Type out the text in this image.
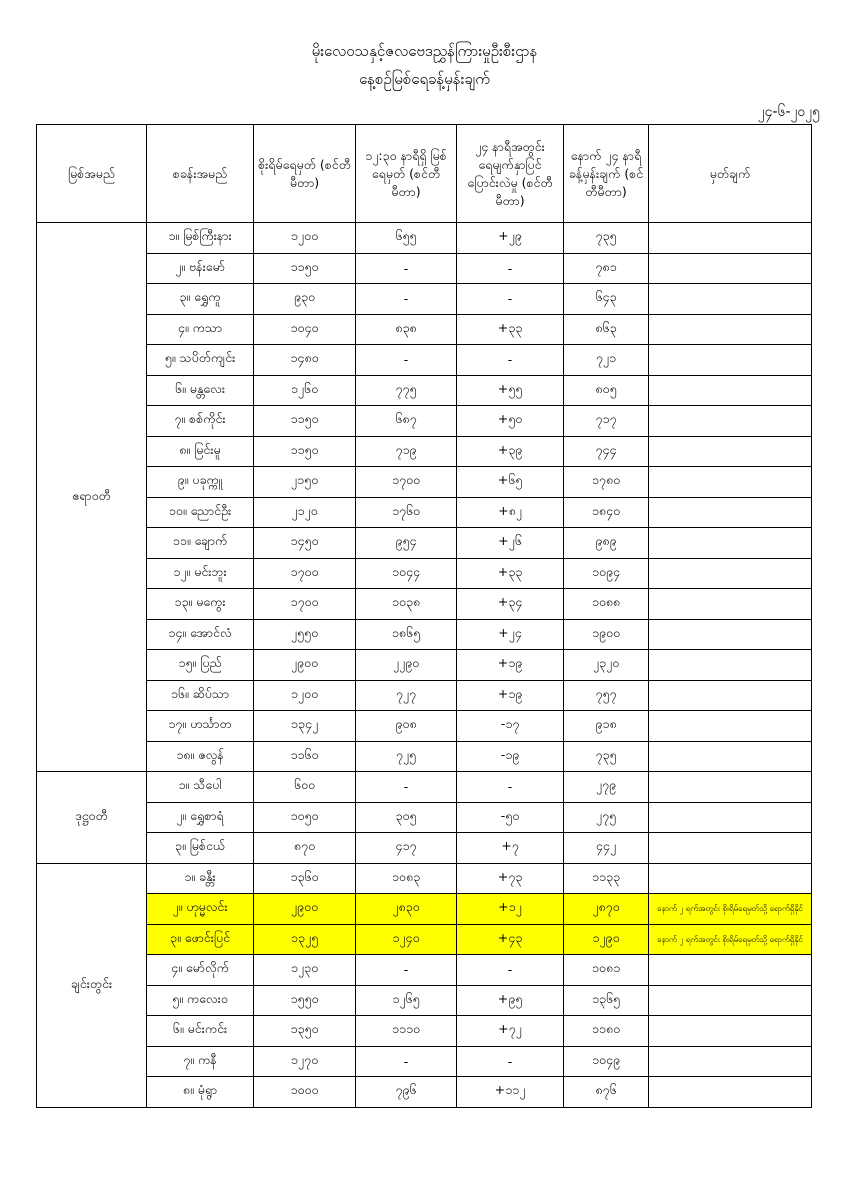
မိုးလေဝသနှင့်ဇလဗေဒညွှန်ကြားမှုဦးစီးဌာန
နေ့စဉ်မြစ်ရေခန့်မှန်းချက်
၂၄-၆-၂၀၂၅
မြစ်အမည်	စခန်းအမည်	စိုးရိမ်ရေမှတ် (စင်တီမီတာ)	၁၂:၃၀ နာရီရှိ မြစ်ရေမှတ် (စင်တီမီတာ)	၂၄ နာရီအတွင်း ရေမျက်နှာပြင် ပြောင်းလဲမှု (စင်တီမီတာ)	နောက် ၂၄ နာရီ ခန့်မှန်းချက် (စင်တီမီတာ)	မှတ်ချက်
ဧရာဝတီ	၁။ မြစ်ကြီးနား	၁၂၀၀	၆၅၅	+၂၉	၇၃၅	
	၂။ ဗန်းမော်	၁၁၅၀	-	-	၇၈၁	
	၃။ ရွှေကူ	၉၃၀	-	-	၆၄၃	
	၄။ ကသာ	၁၀၄၀	၈၃၈	+၃၃	၈၆၃	
	၅။ သပိတ်ကျင်း	၁၄၈၀	-	-	၇၂၁	
	၆။ မန္တလေး	၁၂၆၀	၇၇၅	+၅၅	၈၀၅	
	၇။ စစ်ကိုင်း	၁၁၅၀	၆၈၇	+၅၀	၇၁၇	
	၈။ မြင်းမူ	၁၁၅၀	၇၁၉	+၃၉	၇၄၄	
	၉။ ပခုက္ကူ	၂၁၅၀	၁၇၀၀	+၆၅	၁၇၈၀	
	၁၀။ ညောင်ဦး	၂၁၂၀	၁၇၆၀	+၈၂	၁၈၄၀	
	၁၁။ ချောက်	၁၄၅၀	၉၅၄	+၂၆	၉၈၉	
	၁၂။ မင်းဘူး	၁၇၀၀	၁၀၄၄	+၃၃	၁၀၉၄	
	၁၃။ မကွေး	၁၇၀၀	၁၀၃၈	+၃၄	၁၀၈၈	
	၁၄။ အောင်လံ	၂၅၅၀	၁၈၆၅	+၂၄	၁၉၀၀	
	၁၅။ ပြည်	၂၉၀၀	၂၂၉၀	+၁၉	၂၃၂၀	
	၁၆။ ဆိပ်သာ	၁၂၀၀	၇၂၇	+၁၉	၇၅၇	
	၁၇။ ဟင်္သာတ	၁၃၄၂	၉၀၈	-၁၇	၉၁၈	
	၁၈။ ဇလွန်	၁၁၆၀	၇၂၅	-၁၉	၇၃၅	
ဒုဋ္ဌဝတီ	၁။ သီပေါ	၆၀၀	-	-	၂၇၉	
	၂။ ရွှေစာရံ	၁၀၅၀	၃၀၅	-၅၀	၂၇၅	
	၃။ မြစ်ငယ်	၈၇၀	၄၁၇	+၇	၄၄၂	
ချင်းတွင်း	၁။ ခန္တီး	၁၃၆၀	၁၀၈၃	+၇၃	၁၁၃၃	
	၂။ ဟုမ္မလင်း	၂၉၀၀	၂၈၃၀	+၁၂	၂၈၇၀	နောက် ၂ ရက်အတွင်း စိုးရိမ်ရေမှတ်သို့ ရောက်ရှိနိုင်
	၃။ ဖောင်းပြင်	၁၃၂၅	၁၂၄၀	+၄၃	၁၂၉၀	နောက် ၂ ရက်အတွင်း စိုးရိမ်ရေမှတ်သို့ ရောက်ရှိနိုင်
	၄။ မော်လိုက်	၁၂၃၀	-	-	၁၀၈၁	
	၅။ ကလေးဝ	၁၅၅၀	၁၂၆၅	+၉၅	၁၃၆၅	
	၆။ မင်းကင်း	၁၃၅၀	၁၁၁၀	+၇၂	၁၁၈၀	
	၇။ ကနီ	၁၂၇၀	-	-	၁၀၄၉	
	၈။ မုံရွာ	၁၀၀၀	၇၉၆	+၁၁၂	၈၇၆	
